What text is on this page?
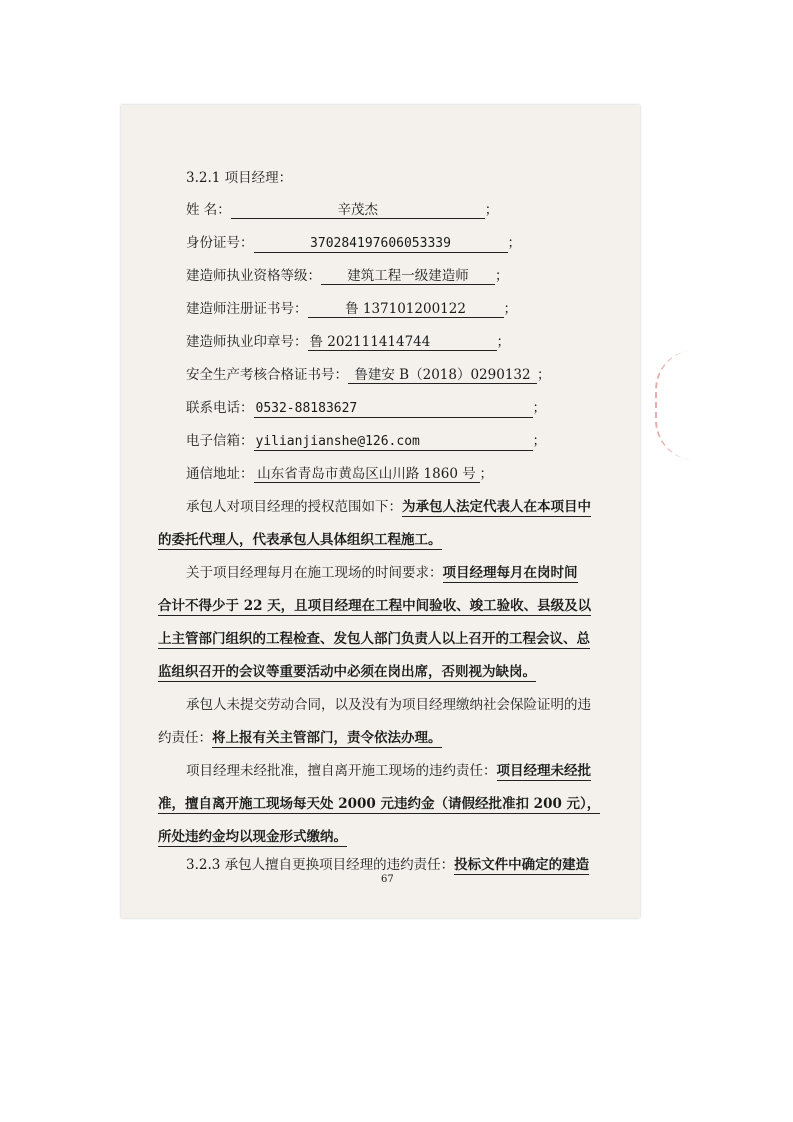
3.2.1 项目经理：
姓 名：	辛茂杰	；
身份证号：	370284197606053339	；
建造师执业资格等级： 建筑工程一级建造师 ；
建造师注册证书号：	鲁 137101200122	；
建造师执业印章号： 鲁 202111414744	；
安全生产考核合格证书号： 鲁建安 B（2018）0290132 ；
联系电话： 0532-88183627	；
电子信箱： yilianjianshe@126.com	；
通信地址： 山东省青岛市黄岛区山川路 1860 号 ；
承包人对项目经理的授权范围如下：为承包人法定代表人在本项目中
的委托代理人，代表承包人具体组织工程施工。
关于项目经理每月在施工现场的时间要求：项目经理每月在岗时间
合计不得少于 22 天，且项目经理在工程中间验收、竣工验收、县级及以
上主管部门组织的工程检查、发包人部门负责人以上召开的工程会议、总
监组织召开的会议等重要活动中必须在岗出席，否则视为缺岗。
承包人未提交劳动合同，以及没有为项目经理缴纳社会保险证明的违
约责任：将上报有关主管部门，责令依法办理。
项目经理未经批准，擅自离开施工现场的违约责任：项目经理未经批
准，擅自离开施工现场每天处 2000 元违约金（请假经批准扣 200 元），
所处违约金均以现金形式缴纳。
3.2.3 承包人擅自更换项目经理的违约责任：投标文件中确定的建造
67
